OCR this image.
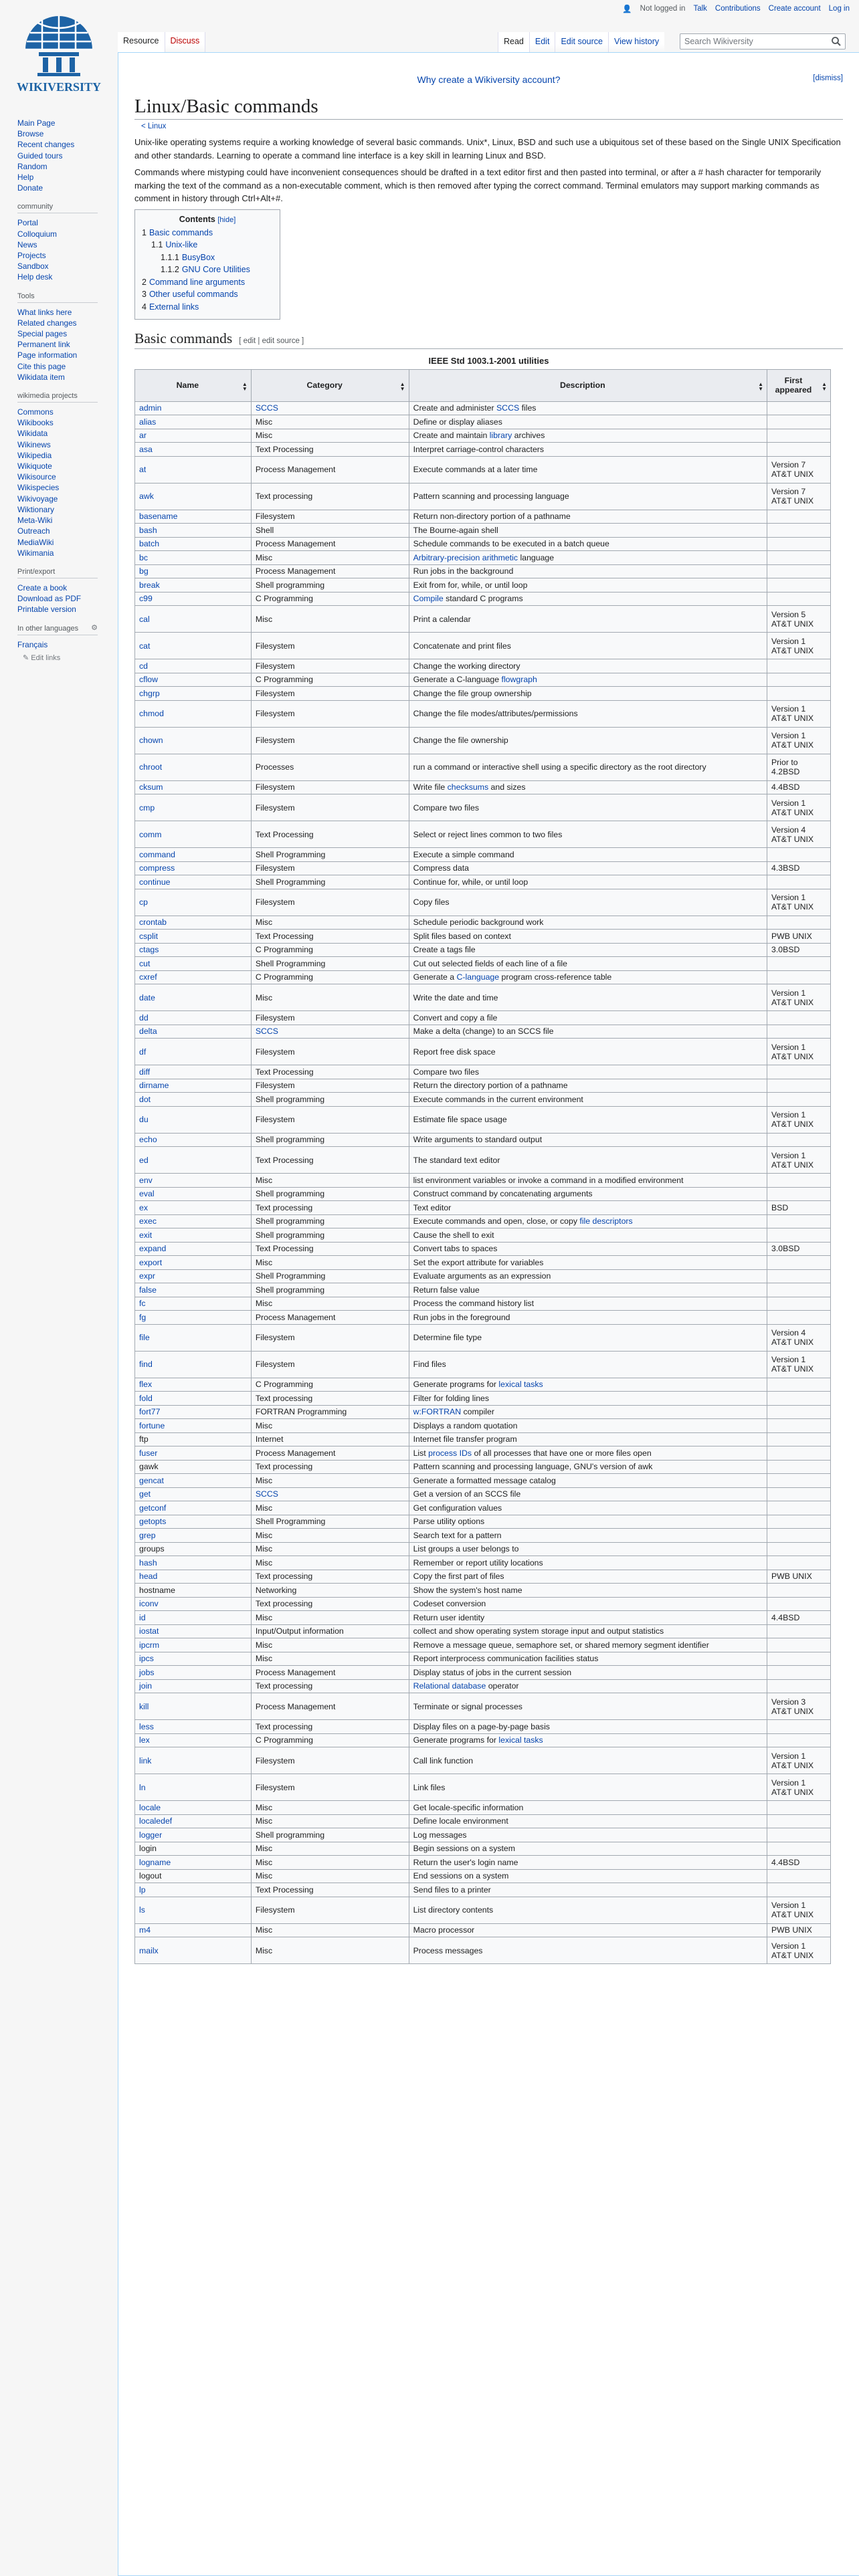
WIKIVERSITY
👤 Not logged in Talk Contributions Create account Log in
Resource	Discuss	Read	Edit	Edit source	View history	Search Wikiversity
Main Page
Browse
Recent changes
Guided tours
Random
Help
Donate
community
Portal
Colloquium
News
Projects
Sandbox
Help desk
Tools
What links here
Related changes
Special pages
Permanent link
Page information
Cite this page
Wikidata item
wikimedia projects
Commons
Wikibooks
Wikidata
Wikinews
Wikipedia
Wikiquote
Wikisource
Wikispecies
Wikivoyage
Wiktionary
Meta-Wiki
Outreach
MediaWiki
Wikimania
Print/export
Create a book
Download as PDF
Printable version
In other languages ⚙
Français
✎ Edit links
Why create a Wikiversity account?	[dismiss]
Linux/Basic commands
< Linux

Unix-like operating systems require a working knowledge of several basic commands. Unix*, Linux, BSD and such use a ubiquitous set of these based on the Single UNIX Specification and other standards. Learning to operate a command line interface is a key skill in learning Linux and BSD.

Commands where mistyping could have inconvenient consequences should be drafted in a text editor first and then pasted into terminal, or after a # hash character for temporarily marking the text of the command as a non-executable comment, which is then removed after typing the correct command. Terminal emulators may support marking commands as comment in history through Ctrl+Alt+#.

Contents [hide]
1 Basic commands
1.1 Unix-like
1.1.1 BusyBox
1.1.2 GNU Core Utilities
2 Command line arguments
3 Other useful commands
4 External links
Basic commands [ edit | edit source ]
IEEE Std 1003.1-2001 utilities
Name ▲
▼	Category ▲
▼	Description ▲
▼	First appeared
▲
▼

admin	SCCS	Create and administer SCCS files	
alias	Misc	Define or display aliases	
ar	Misc	Create and maintain library archives	
asa	Text Processing	Interpret carriage-control characters	
at	Process Management	Execute commands at a later time	Version 7 AT&T UNIX
awk	Text processing	Pattern scanning and processing language	Version 7 AT&T UNIX
basename	Filesystem	Return non-directory portion of a pathname	
bash	Shell	The Bourne-again shell	
batch	Process Management	Schedule commands to be executed in a batch queue	
bc	Misc	Arbitrary-precision arithmetic language	
bg	Process Management	Run jobs in the background	
break	Shell programming	Exit from for, while, or until loop	
c99	C Programming	Compile standard C programs	
cal	Misc	Print a calendar	Version 5 AT&T UNIX
cat	Filesystem	Concatenate and print files	Version 1 AT&T UNIX
cd	Filesystem	Change the working directory	
cflow	C Programming	Generate a C-language flowgraph	
chgrp	Filesystem	Change the file group ownership	
chmod	Filesystem	Change the file modes/attributes/permissions	Version 1 AT&T UNIX
chown	Filesystem	Change the file ownership	Version 1 AT&T UNIX
chroot	Processes	run a command or interactive shell using a specific directory as the root directory	Prior to 4.2BSD
cksum	Filesystem	Write file checksums and sizes	4.4BSD
cmp	Filesystem	Compare two files	Version 1 AT&T UNIX
comm	Text Processing	Select or reject lines common to two files	Version 4 AT&T UNIX
command	Shell Programming	Execute a simple command	
compress	Filesystem	Compress data	4.3BSD
continue	Shell Programming	Continue for, while, or until loop	
cp	Filesystem	Copy files	Version 1 AT&T UNIX
crontab	Misc	Schedule periodic background work	
csplit	Text Processing	Split files based on context	PWB UNIX
ctags	C Programming	Create a tags file	3.0BSD
cut	Shell Programming	Cut out selected fields of each line of a file	
cxref	C Programming	Generate a C-language program cross-reference table	
date	Misc	Write the date and time	Version 1 AT&T UNIX
dd	Filesystem	Convert and copy a file	
delta	SCCS	Make a delta (change) to an SCCS file	
df	Filesystem	Report free disk space	Version 1 AT&T UNIX
diff	Text Processing	Compare two files	
dirname	Filesystem	Return the directory portion of a pathname	
dot	Shell programming	Execute commands in the current environment	
du	Filesystem	Estimate file space usage	Version 1 AT&T UNIX
echo	Shell programming	Write arguments to standard output	
ed	Text Processing	The standard text editor	Version 1 AT&T UNIX
env	Misc	list environment variables or invoke a command in a modified environment	
eval	Shell programming	Construct command by concatenating arguments	
ex	Text processing	Text editor	BSD
exec	Shell programming	Execute commands and open, close, or copy file descriptors	
exit	Shell programming	Cause the shell to exit	
expand	Text Processing	Convert tabs to spaces	3.0BSD
export	Misc	Set the export attribute for variables	
expr	Shell Programming	Evaluate arguments as an expression	
false	Shell programming	Return false value	
fc	Misc	Process the command history list	
fg	Process Management	Run jobs in the foreground	
file	Filesystem	Determine file type	Version 4 AT&T UNIX
find	Filesystem	Find files	Version 1 AT&T UNIX
flex	C Programming	Generate programs for lexical tasks	
fold	Text processing	Filter for folding lines	
fort77	FORTRAN Programming	w:FORTRAN compiler	
fortune	Misc	Displays a random quotation	
ftp	Internet	Internet file transfer program	
fuser	Process Management	List process IDs of all processes that have one or more files open	
gawk	Text processing	Pattern scanning and processing language, GNU's version of awk	
gencat	Misc	Generate a formatted message catalog	
get	SCCS	Get a version of an SCCS file	
getconf	Misc	Get configuration values	
getopts	Shell Programming	Parse utility options	
grep	Misc	Search text for a pattern	
groups	Misc	List groups a user belongs to	
hash	Misc	Remember or report utility locations	
head	Text processing	Copy the first part of files	PWB UNIX
hostname	Networking	Show the system's host name	
iconv	Text processing	Codeset conversion	
id	Misc	Return user identity	4.4BSD
iostat	Input/Output information	collect and show operating system storage input and output statistics	
ipcrm	Misc	Remove a message queue, semaphore set, or shared memory segment identifier	
ipcs	Misc	Report interprocess communication facilities status	
jobs	Process Management	Display status of jobs in the current session	
join	Text processing	Relational database operator	
kill	Process Management	Terminate or signal processes	Version 3 AT&T UNIX
less	Text processing	Display files on a page-by-page basis	
lex	C Programming	Generate programs for lexical tasks	
link	Filesystem	Call link function	Version 1 AT&T UNIX
ln	Filesystem	Link files	Version 1 AT&T UNIX
locale	Misc	Get locale-specific information	
localedef	Misc	Define locale environment	
logger	Shell programming	Log messages	
login	Misc	Begin sessions on a system	
logname	Misc	Return the user's login name	4.4BSD
logout	Misc	End sessions on a system	
lp	Text Processing	Send files to a printer	
ls	Filesystem	List directory contents	Version 1 AT&T UNIX
m4	Misc	Macro processor	PWB UNIX
mailx	Misc	Process messages	Version 1 AT&T UNIX
